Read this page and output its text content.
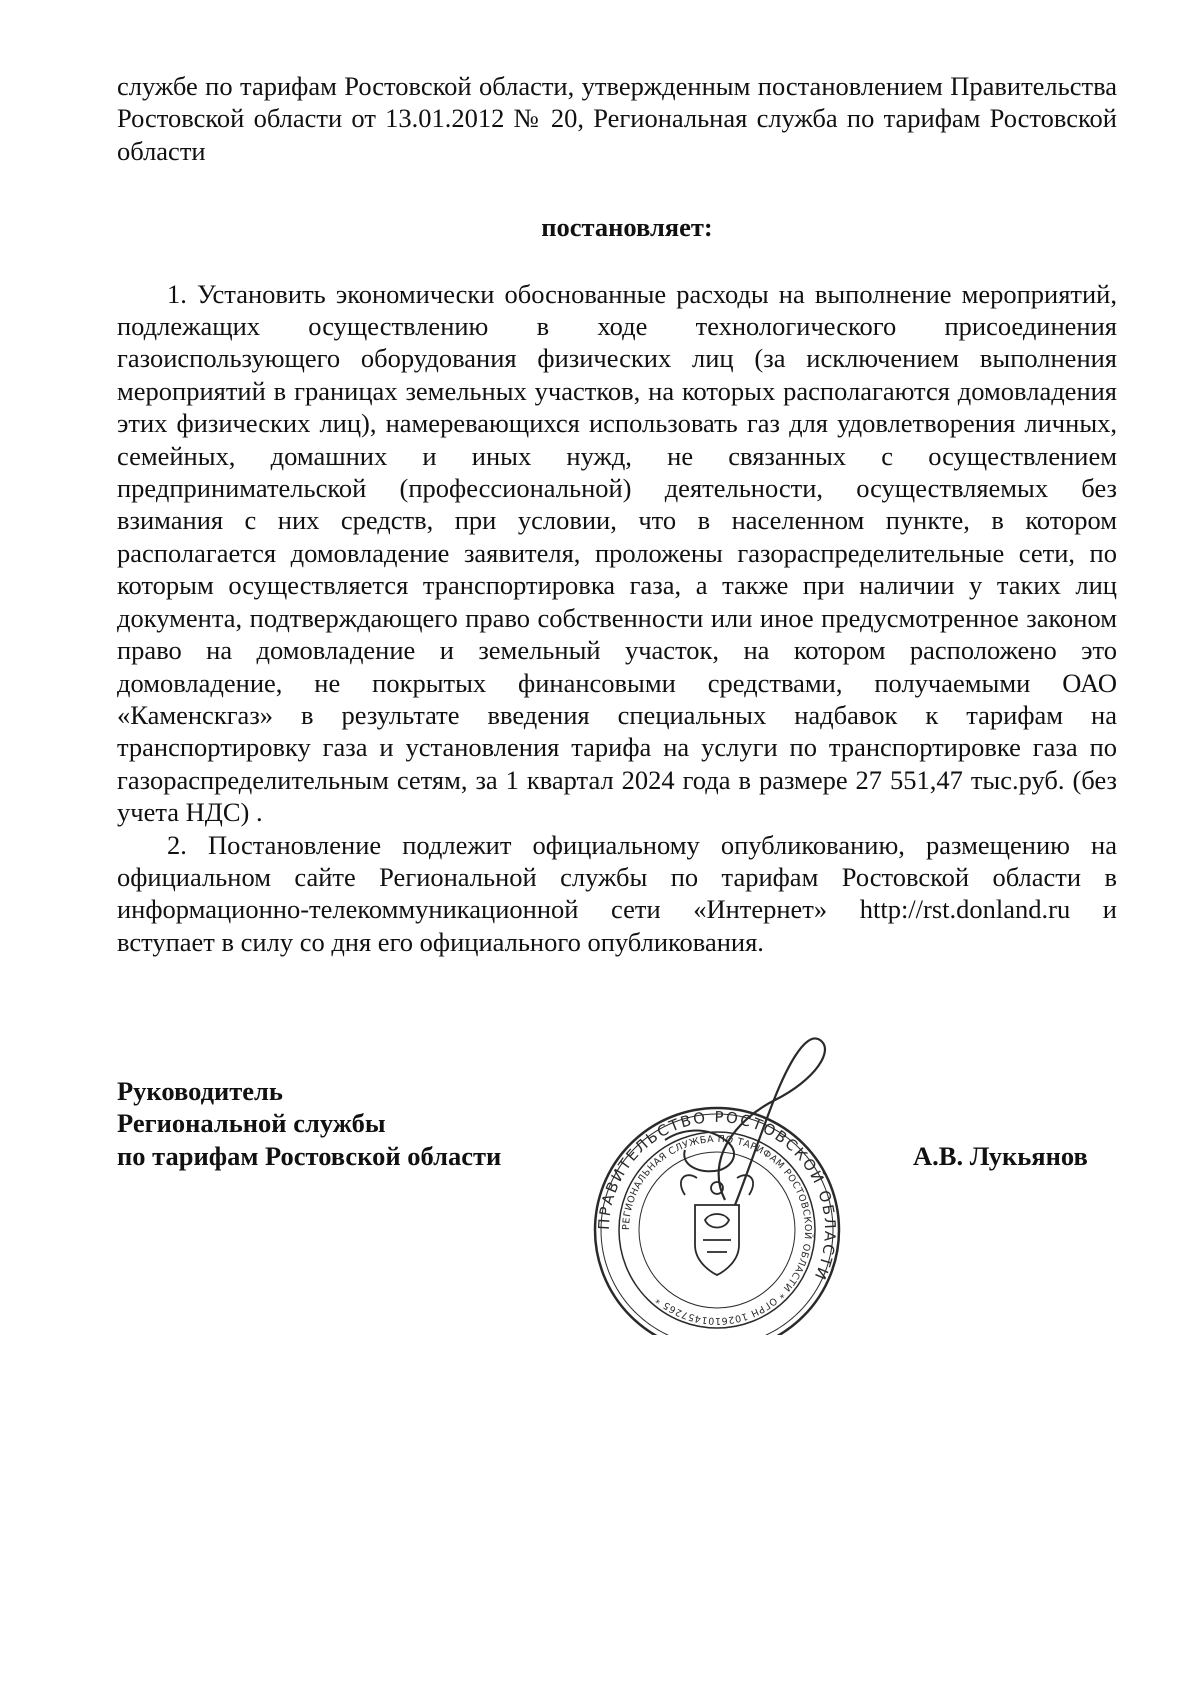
службе по тарифам Ростовской области, утвержденным постановлением Правительства Ростовской области от 13.01.2012 № 20, Региональная служба по тарифам Ростовской области

постановляет:

1. Установить экономически обоснованные расходы на выполнение мероприятий, подлежащих осуществлению в ходе технологического присоединения газоиспользующего оборудования физических лиц (за исключением выполнения мероприятий в границах земельных участков, на которых располагаются домовладения этих физических лиц), намеревающихся использовать газ для удовлетворения личных, семейных, домашних и иных нужд, не связанных с осуществлением предпринимательской (профессиональной) деятельности, осуществляемых без взимания с них средств, при условии, что в населенном пункте, в котором располагается домовладение заявителя, проложены газораспределительные сети, по которым осуществляется транспортировка газа, а также при наличии у таких лиц документа, подтверждающего право собственности или иное предусмотренное законом право на домовладение и земельный участок, на котором расположено это домовладение, не покрытых финансовыми средствами, получаемыми ОАО «Каменскгаз» в результате введения специальных надбавок к тарифам на транспортировку газа и установления тарифа на услуги по транспортировке газа по газораспределительным сетям, за 1 квартал 2024 года в размере 27 551,47 тыс.руб. (без учета НДС) .

2. Постановление подлежит официальному опубликованию, размещению на официальном сайте Региональной службы по тарифам Ростовской области в информационно-телекоммуникационной сети «Интернет» http://rst.donland.ru и вступает в силу со дня его официального опубликования.

Руководитель
Региональной службы
по тарифам Ростовской области
ПРАВИТЕЛЬСТВО РОСТОВСКОЙ ОБЛАСТИ
РЕГИОНАЛЬНАЯ СЛУЖБА ПО ТАРИФАМ РОСТОВСКОЙ ОБЛАСТИ * ОГРН 1026101457265 *
А.В. Лукьянов
